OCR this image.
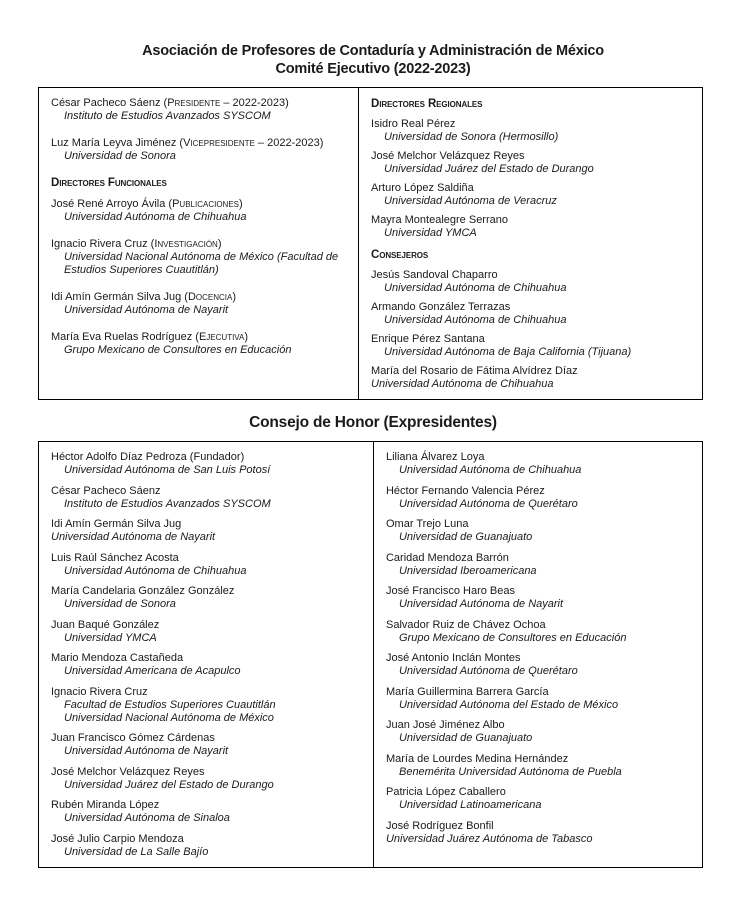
Asociación de Profesores de Contaduría y Administración de México
Comité Ejecutivo (2022-2023)
César Pacheco Sáenz (Presidente – 2022-2023)
Instituto de Estudios Avanzados SYSCOM
Luz María Leyva Jiménez (Vicepresidente – 2022-2023)
Universidad de Sonora
Directores Funcionales
José René Arroyo Ávila (Publicaciones)
Universidad Autónoma de Chihuahua
Ignacio Rivera Cruz (Investigación)
Universidad Nacional Autónoma de México (Facultad de Estudios Superiores Cuautitlán)
Idi Amín Germán Silva Jug (Docencia)
Universidad Autónoma de Nayarit
María Eva Ruelas Rodríguez (Ejecutiva)
Grupo Mexicano de Consultores en Educación
Directores Regionales
Isidro Real Pérez
Universidad de Sonora (Hermosillo)
José Melchor Velázquez Reyes
Universidad Juárez del Estado de Durango
Arturo López Saldiña
Universidad Autónoma de Veracruz
Mayra Montealegre Serrano
Universidad YMCA
Consejeros
Jesús Sandoval Chaparro
Universidad Autónoma de Chihuahua
Armando González Terrazas
Universidad Autónoma de Chihuahua
Enrique Pérez Santana
Universidad Autónoma de Baja California (Tijuana)
María del Rosario de Fátima Alvídrez Díaz
Universidad Autónoma de Chihuahua
Consejo de Honor (Expresidentes)
Héctor Adolfo Díaz Pedroza (Fundador)
Universidad Autónoma de San Luis Potosí
César Pacheco Sáenz
Instituto de Estudios Avanzados SYSCOM
Idi Amín Germán Silva Jug
Universidad Autónoma de Nayarit
Luis Raúl Sánchez Acosta
Universidad Autónoma de Chihuahua
María Candelaria González González
Universidad de Sonora
Juan Baqué González
Universidad YMCA
Mario Mendoza Castañeda
Universidad Americana de Acapulco
Ignacio Rivera Cruz
Facultad de Estudios Superiores Cuautitlán
Universidad Nacional Autónoma de México
Juan Francisco Gómez Cárdenas
Universidad Autónoma de Nayarit
José Melchor Velázquez Reyes
Universidad Juárez del Estado de Durango
Rubén Miranda López
Universidad Autónoma de Sinaloa
José Julio Carpio Mendoza
Universidad de La Salle Bajío
Liliana Álvarez Loya
Universidad Autónoma de Chihuahua
Héctor Fernando Valencia Pérez
Universidad Autónoma de Querétaro
Omar Trejo Luna
Universidad de Guanajuato
Caridad Mendoza Barrón
Universidad Iberoamericana
José Francisco Haro Beas
Universidad Autónoma de Nayarit
Salvador Ruiz de Chávez Ochoa
Grupo Mexicano de Consultores en Educación
José Antonio Inclán Montes
Universidad Autónoma de Querétaro
María Guillermina Barrera García
Universidad Autónoma del Estado de México
Juan José Jiménez Albo
Universidad de Guanajuato
María de Lourdes Medina Hernández
Benemérita Universidad Autónoma de Puebla
Patricia López Caballero
Universidad Latinoamericana
José Rodríguez Bonfil
Universidad Juárez Autónoma de Tabasco
